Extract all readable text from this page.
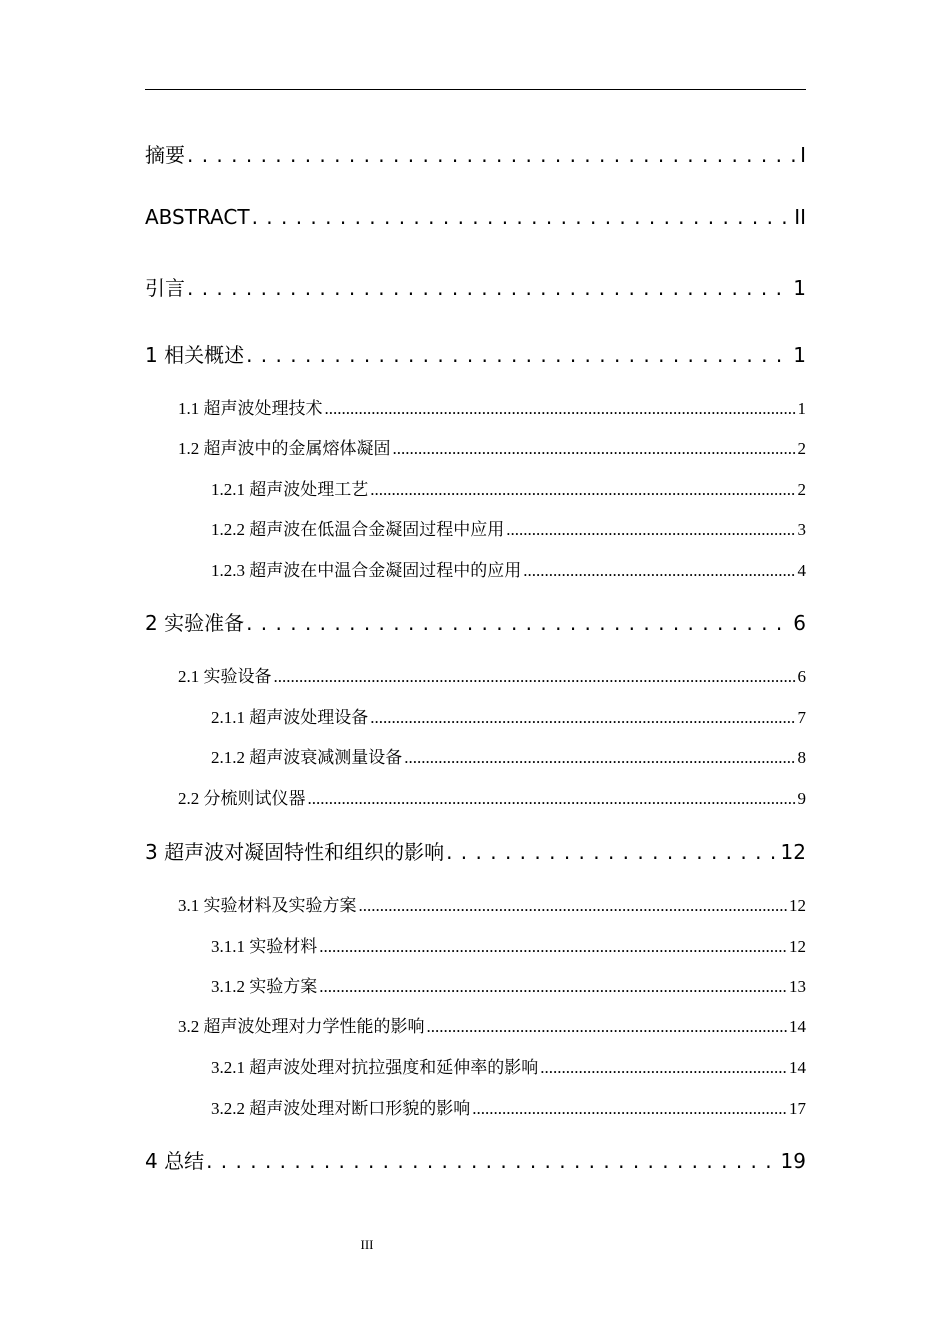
摘要 . . .	I
ABSTRACT . . .	II
引言 . . .	1
1 相关概述 . . .	1
1.1 超声波处理技术 .....	1
1.2 超声波中的金属熔体凝固 .....	2
1.2.1 超声波处理工艺 .....	2
1.2.2 超声波在低温合金凝固过程中应用 .....	3
1.2.3 超声波在中温合金凝固过程中的应用 .....	4
2 实验准备 . . .	6
2.1 实验设备 .....	6
2.1.1 超声波处理设备 .....	7
2.1.2 超声波衰减测量设备 .....	8
2.2 分梳则试仪器 .....	9
3 超声波对凝固特性和组织的影响 . . .	12
3.1 实验材料及实验方案 .....	12
3.1.1 实验材料 .....	12
3.1.2 实验方案 .....	13
3.2 超声波处理对力学性能的影响 .....	14
3.2.1 超声波处理对抗拉强度和延伸率的影响 .....	14
3.2.2 超声波处理对断口形貌的影响 .....	17
4 总结 . . .	19
III
